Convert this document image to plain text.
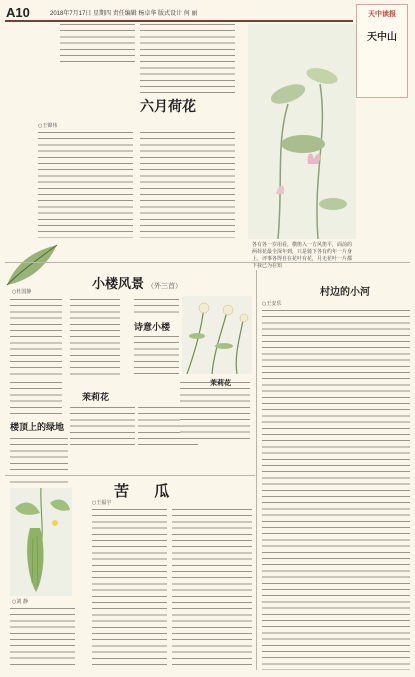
A10	2018年7月17日 星期四 责任编辑 杨卓华 版式设计 何 丽	天中读报
天中山
六月荷花
○王锦伟
各有各一岁用看，横笛入一方风笛平，面前的两荷花最全深年到，只是骑下各有约年一片身上，评事各得自在花叶有花，月无花叶一片都下我已为在知
村边的小河
○王安乐
小楼风景 （外三首）
○杜国静
诗意小楼
茉莉花
楼顶上的绿地
茉莉花
苦 瓜
○王福宇
○刘 静
